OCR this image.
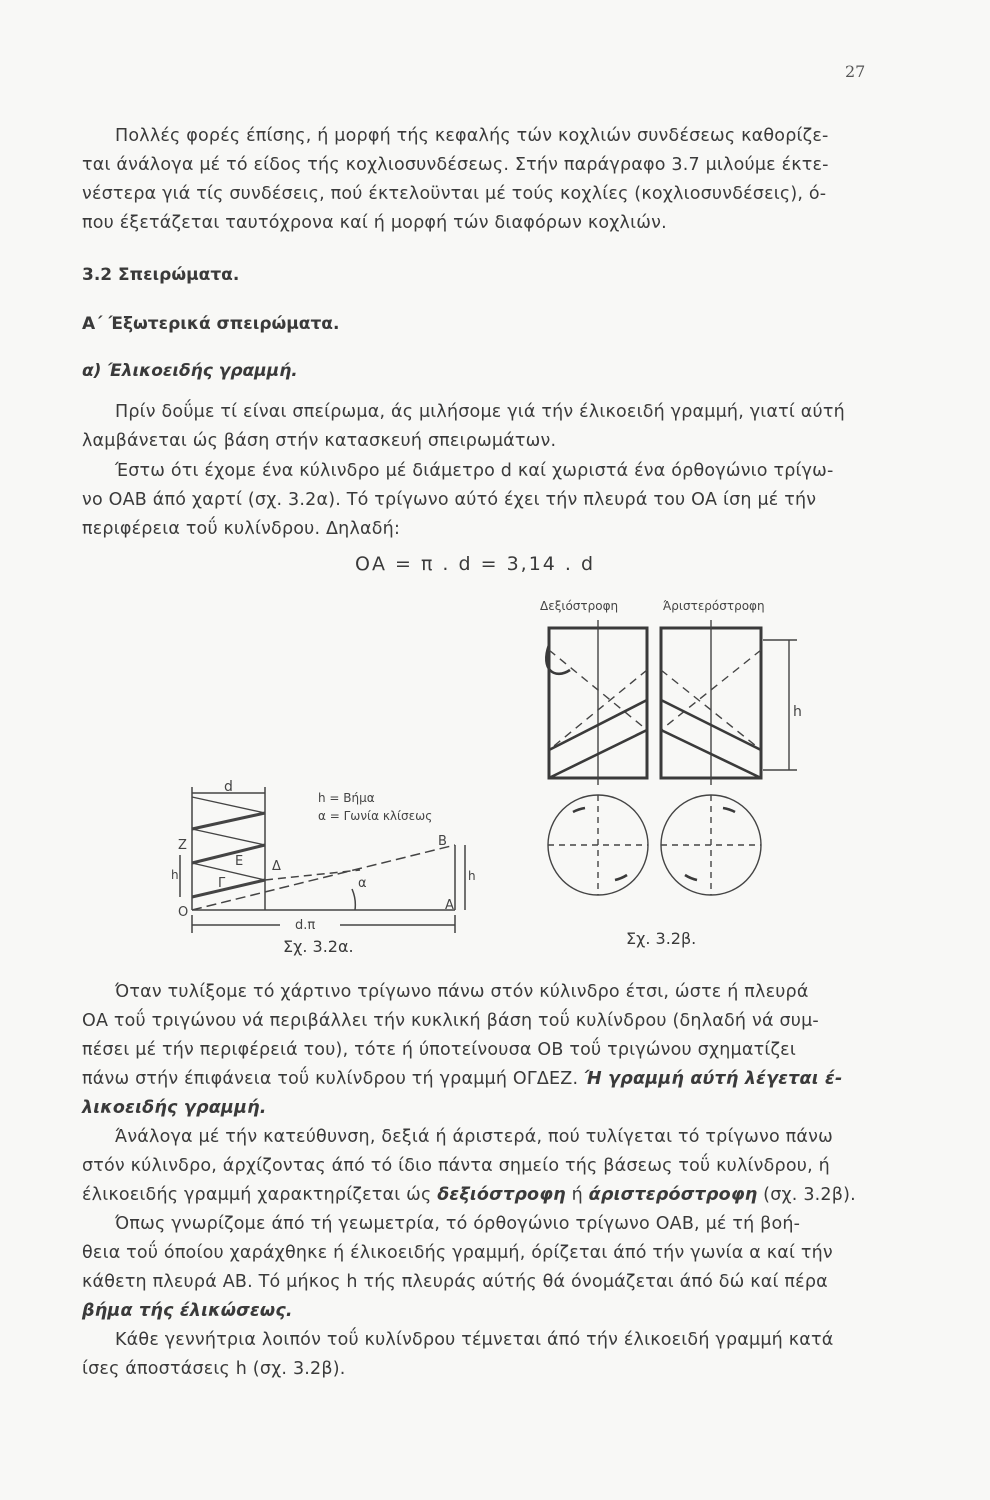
27
Πολλές φορές έπίσης, ή μορφή τής κεφαλής τών κοχλιών συνδέσεως καθορίζε-
ται άνάλογα μέ τό είδος τής κοχλιοσυνδέσεως. Στήν παράγραφο 3.7 μιλούμε έκτε-
νέστερα γιά τίς συνδέσεις, πού έκτελοϋνται μέ τούς κοχλίες (κοχλιοσυνδέσεις), ό-
που έξετάζεται ταυτόχρονα καί ή μορφή τών διαφόρων κοχλιών.
3.2 Σπειρώματα.
Α΄ Έξωτερικά σπειρώματα.
α) Έλικοειδής γραμμή.
Πρίν δοΰμε τί είναι σπείρωμα, άς μιλήσομε γιά τήν έλικοειδή γραμμή, γιατί αύτή
λαμβάνεται ώς βάση στήν κατασκευή σπειρωμάτων.
Έστω ότι έχομε ένα κύλινδρο μέ διάμετρο d καί χωριστά ένα όρθογώνιο τρίγω-
νο ΟΑΒ άπό χαρτί (σχ. 3.2α). Τό τρίγωνο αύτό έχει τήν πλευρά του ΟΑ ίση μέ τήν
περιφέρεια τοΰ κυλίνδρου. Δηλαδή:
ΟΑ = π . d = 3,14 . d
d
h = Βήμα
α = Γωνία κλίσεως
Z
E
Γ
Δ
O
B
A
α
h	h
d.π
Σχ. 3.2α.
Δεξιόστροφη	Άριστερόστροφη
h
Σχ. 3.2β.
Όταν τυλίξομε τό χάρτινο τρίγωνο πάνω στόν κύλινδρο έτσι, ώστε ή πλευρά
ΟΑ τοΰ τριγώνου νά περιβάλλει τήν κυκλική βάση τοΰ κυλίνδρου (δηλαδή νά συμ-
πέσει μέ τήν περιφέρειά του), τότε ή ύποτείνουσα ΟΒ τοΰ τριγώνου σχηματίζει
πάνω στήν έπιφάνεια τοΰ κυλίνδρου τή γραμμή ΟΓΔΕΖ. Ή γραμμή αύτή λέγεται έ-
λικοειδής γραμμή.
Άνάλογα μέ τήν κατεύθυνση, δεξιά ή άριστερά, πού τυλίγεται τό τρίγωνο πάνω
στόν κύλινδρο, άρχίζοντας άπό τό ίδιο πάντα σημείο τής βάσεως τοΰ κυλίνδρου, ή
έλικοειδής γραμμή χαρακτηρίζεται ώς δεξιόστροφη ή άριστερόστροφη (σχ. 3.2β).
Όπως γνωρίζομε άπό τή γεωμετρία, τό όρθογώνιο τρίγωνο ΟΑΒ, μέ τή βοή-
θεια τοΰ όποίου χαράχθηκε ή έλικοειδής γραμμή, όρίζεται άπό τήν γωνία α καί τήν
κάθετη πλευρά ΑΒ. Τό μήκος h τής πλευράς αύτής θά όνομάζεται άπό δώ καί πέρα
βήμα τής έλικώσεως.
Κάθε γεννήτρια λοιπόν τοΰ κυλίνδρου τέμνεται άπό τήν έλικοειδή γραμμή κατά
ίσες άποστάσεις h (σχ. 3.2β).
